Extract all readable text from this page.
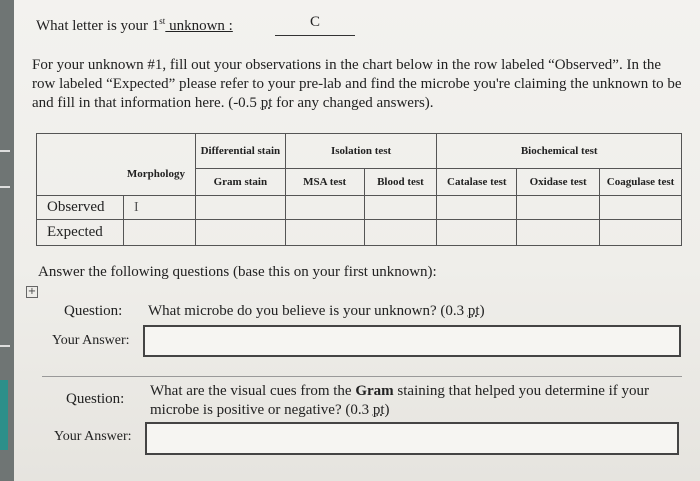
What letter is your 1st unknown :	C
For your unknown #1, fill out your observations in the chart below in the row labeled “Observed”. In the row labeled “Expected” please refer to your pre-lab and find the microbe you're claiming the unknown to be and fill in that information here. (-0.5 pt for any changed answers).
Morphology		Differential stain	Isolation test		Biochemical test		
		Gram stain	MSA test	Blood test	Catalase test	Oxidase test	Coagulase test
Observed	I						
Expected							
Answer the following questions (base this on your first unknown):
+
Question: What microbe do you believe is your unknown? (0.3 pt)
Your Answer:
Question: What are the visual cues from the Gram staining that helped you determine if your microbe is positive or negative? (0.3 pt)
Your Answer:
